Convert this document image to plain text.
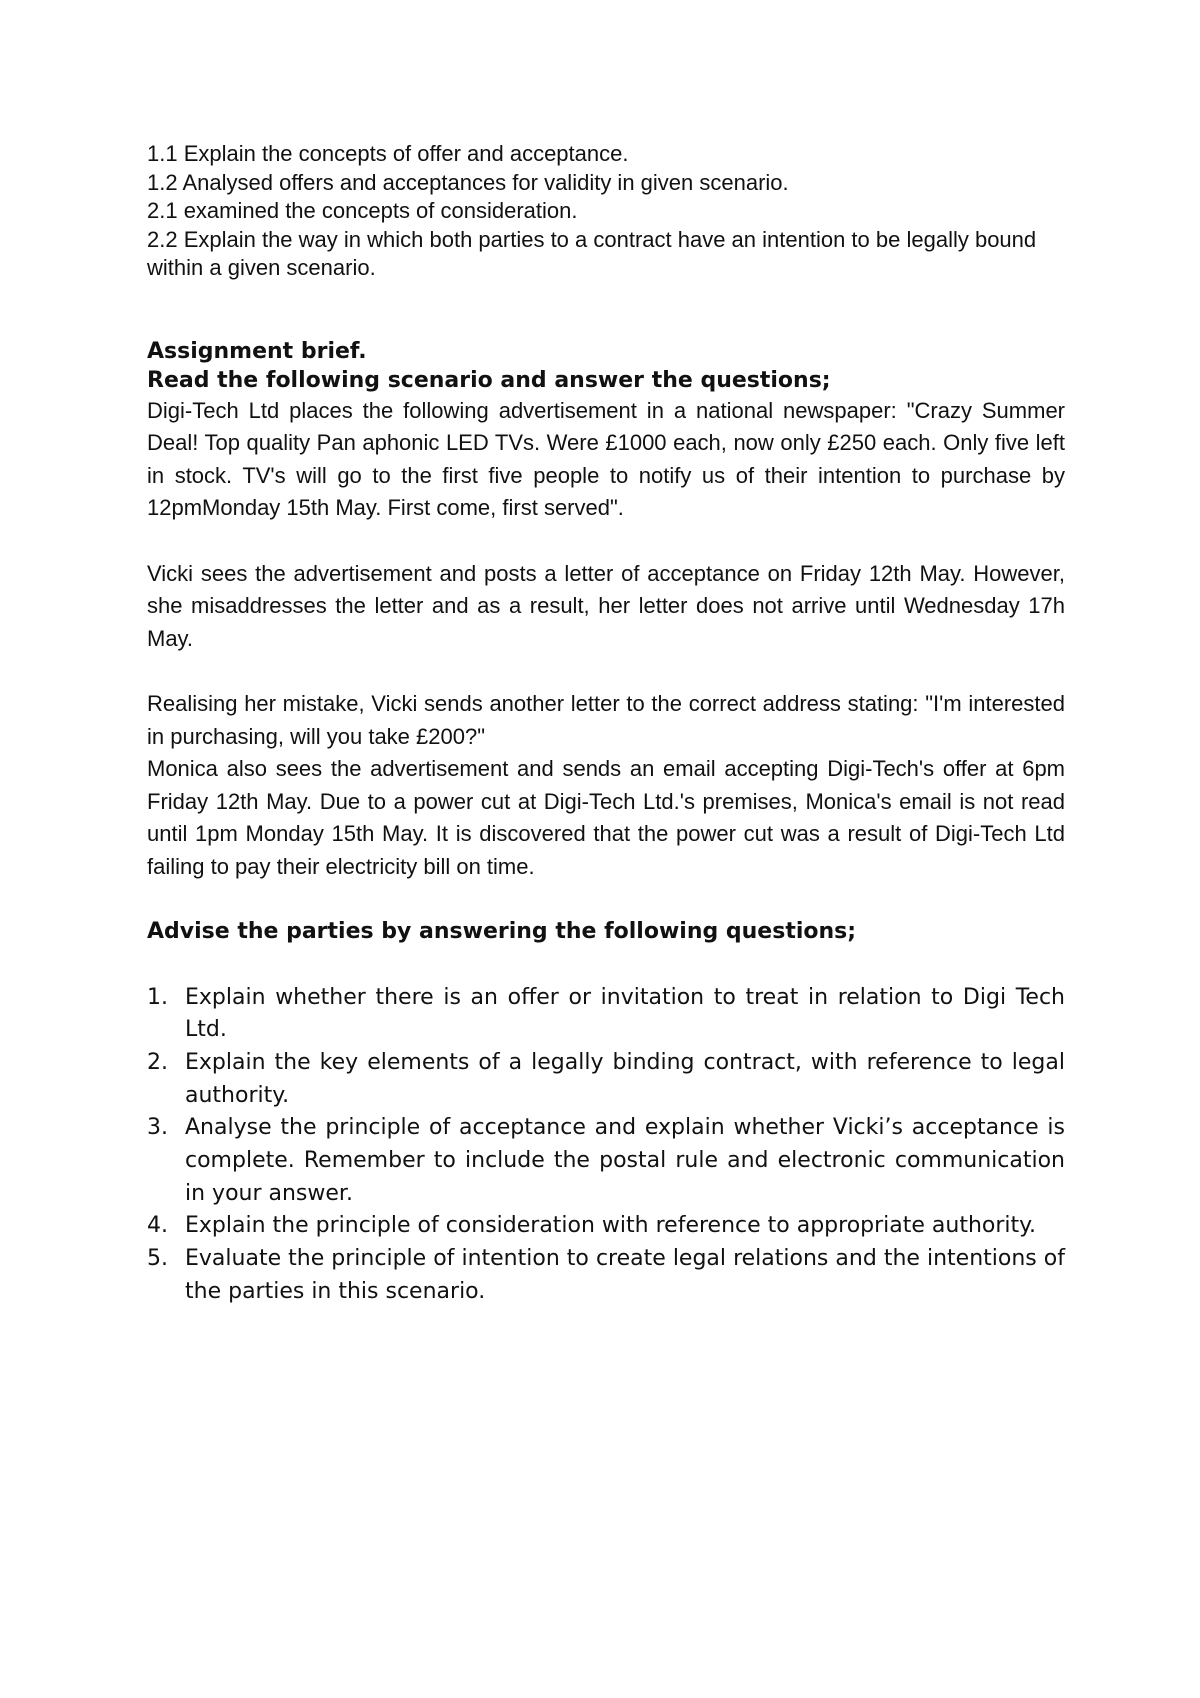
1.1 Explain the concepts of offer and acceptance.
1.2 Analysed offers and acceptances for validity in given scenario.
2.1 examined the concepts of consideration.
2.2 Explain the way in which both parties to a contract have an intention to be legally bound within a given scenario.
Assignment brief.
Read the following scenario and answer the questions;

Digi-Tech Ltd places the following advertisement in a national newspaper: "Crazy Summer Deal! Top quality Pan aphonic LED TVs. Were £1000 each, now only £250 each. Only five left in stock. TV's will go to the first five people to notify us of their intention to purchase by 12pmMonday 15th May. First come, first served".

Vicki sees the advertisement and posts a letter of acceptance on Friday 12th May. However, she misaddresses the letter and as a result, her letter does not arrive until Wednesday 17h May.

Realising her mistake, Vicki sends another letter to the correct address stating: "I'm interested in purchasing, will you take £200?"

Monica also sees the advertisement and sends an email accepting Digi-Tech's offer at 6pm Friday 12th May. Due to a power cut at Digi-Tech Ltd.'s premises, Monica's email is not read until 1pm Monday 15th May. It is discovered that the power cut was a result of Digi-Tech Ltd failing to pay their electricity bill on time.

Advise the parties by answering the following questions;
1. Explain whether there is an offer or invitation to treat in relation to Digi Tech Ltd.
2. Explain the key elements of a legally binding contract, with reference to legal authority.
3. Analyse the principle of acceptance and explain whether Vicki’s acceptance is complete. Remember to include the postal rule and electronic communication in your answer.
4. Explain the principle of consideration with reference to appropriate authority.
5. Evaluate the principle of intention to create legal relations and the intentions of the parties in this scenario.
